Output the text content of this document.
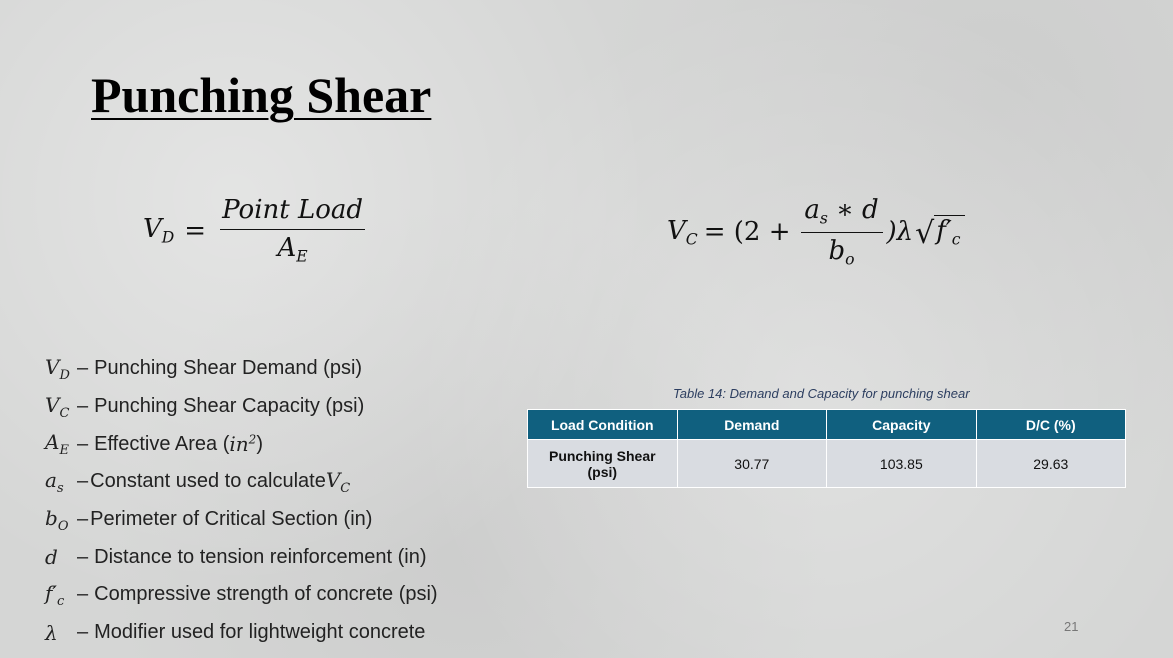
Punching Shear
$V_D = \frac{\text{Point Load}}{A_E}$	$V_C = (2 + \frac{a_s ∗ d}{b_o} )\lambda$ √ $f'_c$
$V_D$ – Punching Shear Demand (psi)
$V_C$ – Punching Shear Capacity (psi)
$A_E$ – Effective Area ( $in^2$ )
$a_s$ – Constant used to calculate $V_C$
$b_O$ – Perimeter of Critical Section (in)
d – Distance to tension reinforcement (in)
$f'_c$ – Compressive strength of concrete (psi)
λ – Modifier used for lightweight concrete
Table 14: Demand and Capacity for punching shear
Load Condition	Demand	Capacity	D/C (%)
Punching Shear (psi)	30.77	103.85	29.63
21
